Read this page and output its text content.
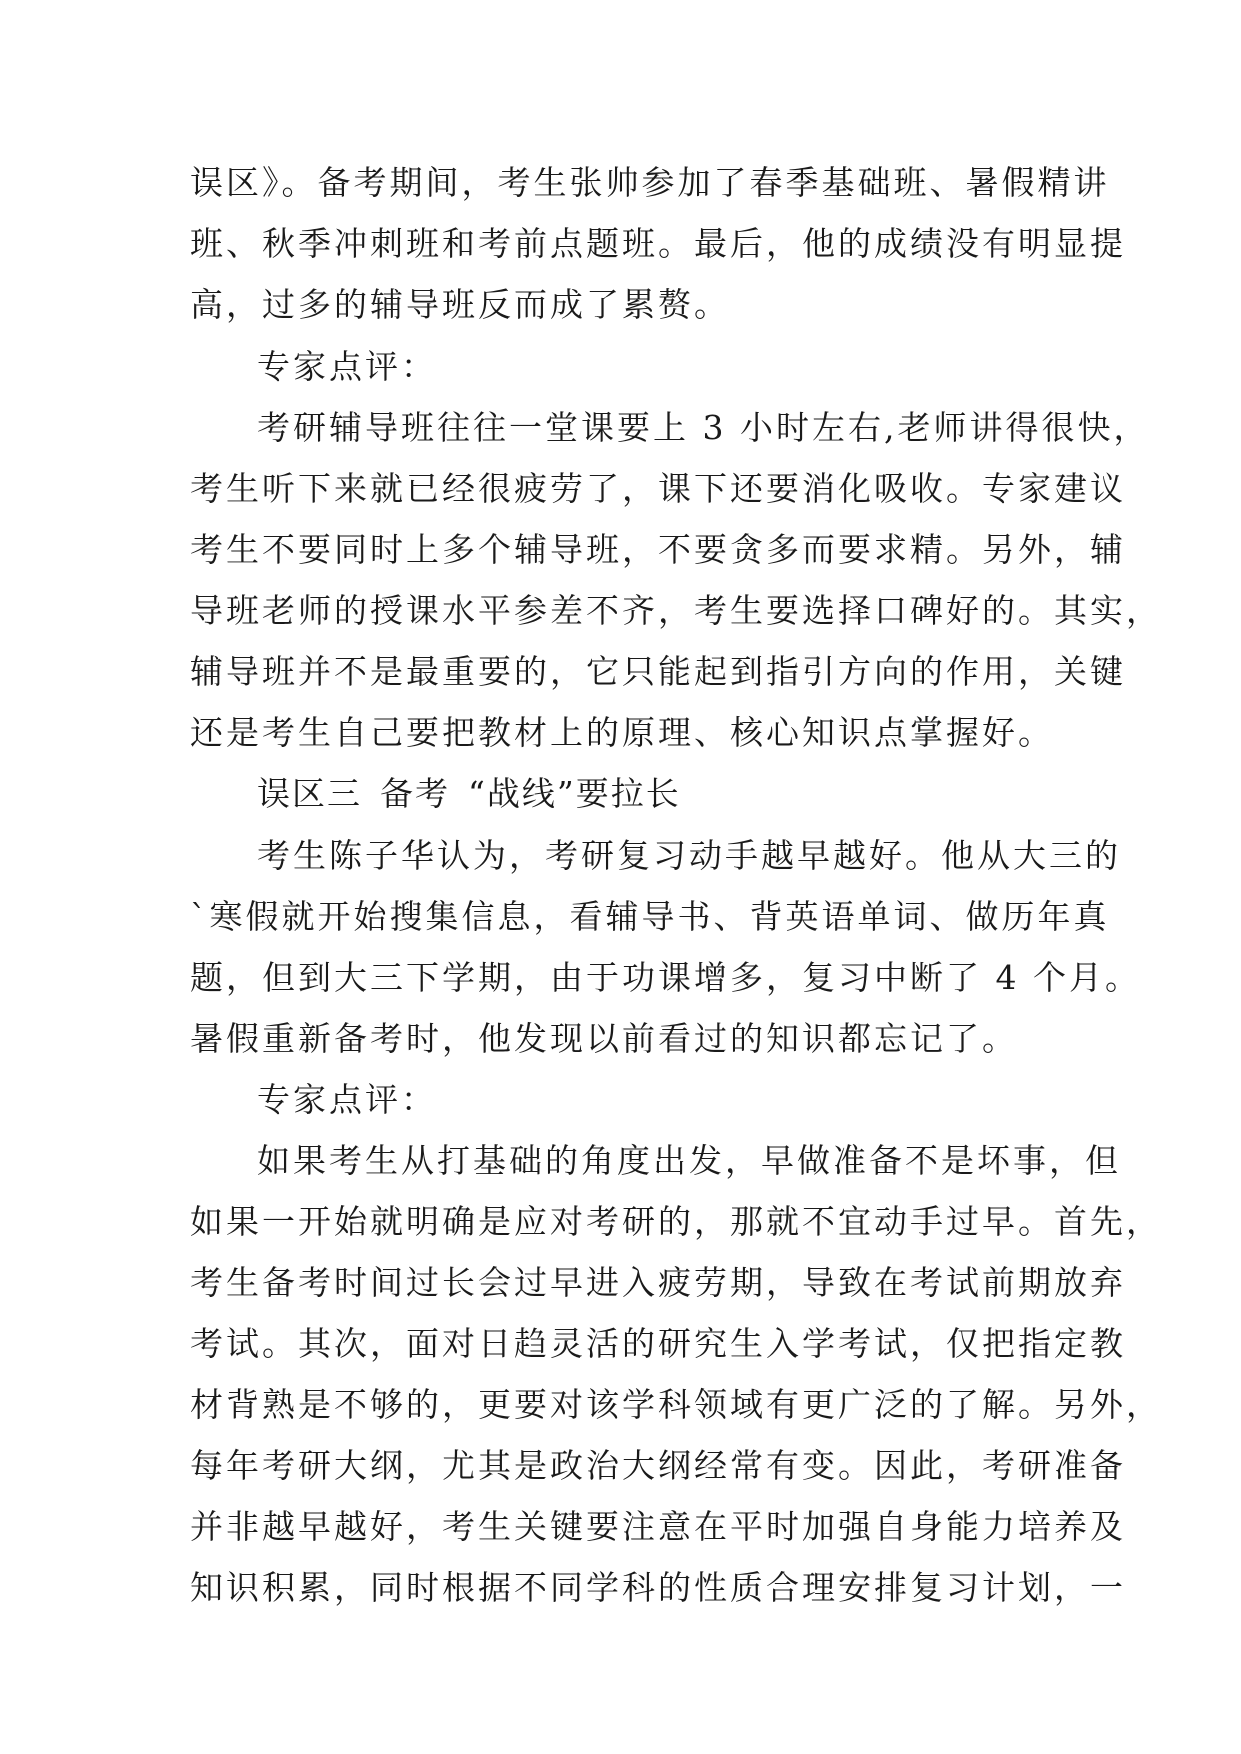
误区》。备考期间，考生张帅参加了春季基础班、暑假精讲
班、秋季冲刺班和考前点题班。最后，他的成绩没有明显提
高，过多的辅导班反而成了累赘。
专家点评：
考研辅导班往往一堂课要上 3 小时左右,老师讲得很快，
考生听下来就已经很疲劳了，课下还要消化吸收。专家建议
考生不要同时上多个辅导班，不要贪多而要求精。另外，辅
导班老师的授课水平参差不齐，考生要选择口碑好的。其实，
辅导班并不是最重要的，它只能起到指引方向的作用，关键
还是考生自己要把教材上的原理、核心知识点掌握好。
误区三 备考 “战线”要拉长
考生陈子华认为，考研复习动手越早越好。他从大三的
`寒假就开始搜集信息，看辅导书、背英语单词、做历年真
题，但到大三下学期，由于功课增多，复习中断了 4 个月。
暑假重新备考时，他发现以前看过的知识都忘记了。
专家点评：
如果考生从打基础的角度出发，早做准备不是坏事，但
如果一开始就明确是应对考研的，那就不宜动手过早。首先，
考生备考时间过长会过早进入疲劳期，导致在考试前期放弃
考试。其次，面对日趋灵活的研究生入学考试，仅把指定教
材背熟是不够的，更要对该学科领域有更广泛的了解。另外，
每年考研大纲，尤其是政治大纲经常有变。因此，考研准备
并非越早越好，考生关键要注意在平时加强自身能力培养及
知识积累，同时根据不同学科的性质合理安排复习计划，一
